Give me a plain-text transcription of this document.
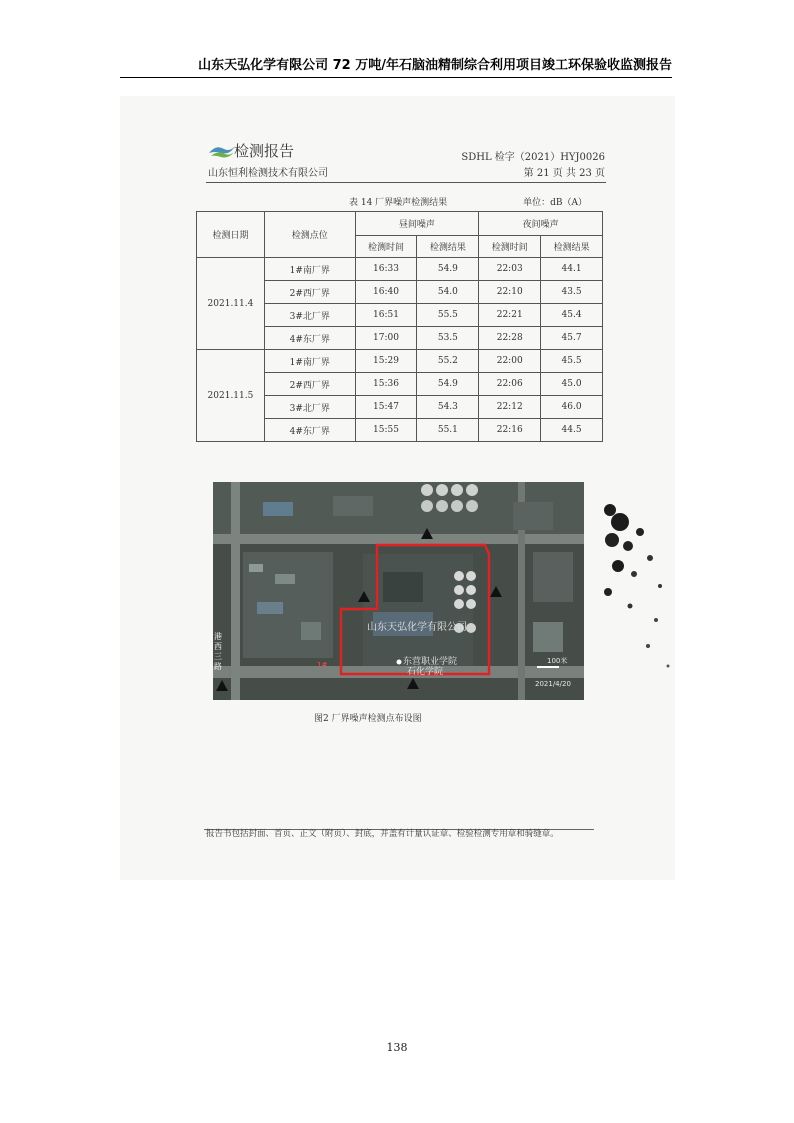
山东天弘化学有限公司 72 万吨/年石脑油精制综合利用项目竣工环保验收监测报告
检测报告
山东恒利检测技术有限公司
SDHL 检字（2021）HYJ0026
第 21 页 共 23 页
表 14 厂界噪声检测结果	单位：dB（A）
检测日期	检测点位	昼间噪声		夜间噪声	
		检测时间	检测结果	检测时间	检测结果
2021.11.4	1#南厂界	16:33	54.9	22:03	44.1
	2#西厂界	16:40	54.0	22:10	43.5
	3#北厂界	16:51	55.5	22:21	45.4
	4#东厂界	17:00	53.5	22:28	45.7
2021.11.5	1#南厂界	15:29	55.2	22:00	45.5
	2#西厂界	15:36	54.9	22:06	45.0
	3#北厂界	15:47	54.3	22:12	46.0
	4#东厂界	15:55	55.1	22:16	44.5
1#
山东天弘化学有限公司
港西三路	东营职业学院
石化学院
100米
2021/4/20
图2 厂界噪声检测点布设图
报告书包括封面、首页、正文（附页）、封底，并盖有计量认证章、检验检测专用章和骑缝章。
138
